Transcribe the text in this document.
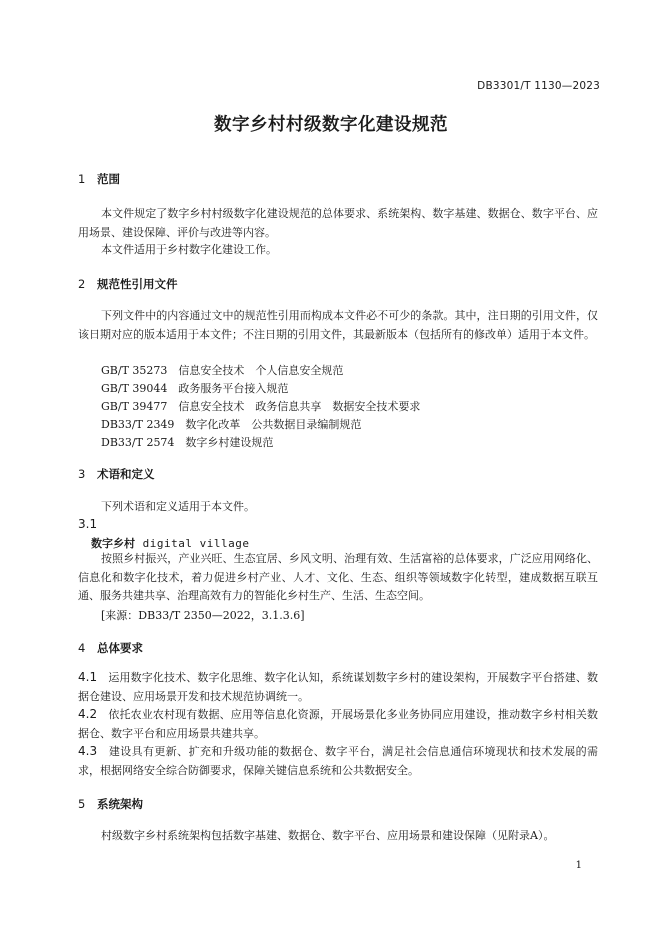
DB3301/T 1130—2023
数字乡村村级数字化建设规范
1 范围
本文件规定了数字乡村村级数字化建设规范的总体要求、系统架构、数字基建、数据仓、数字平台、应用场景、建设保障、评价与改进等内容。
本文件适用于乡村数字化建设工作。
2 规范性引用文件
下列文件中的内容通过文中的规范性引用而构成本文件必不可少的条款。其中，注日期的引用文件，仅该日期对应的版本适用于本文件；不注日期的引用文件，其最新版本（包括所有的修改单）适用于本文件。
GB/T 35273　信息安全技术　个人信息安全规范
GB/T 39044　政务服务平台接入规范
GB/T 39477　信息安全技术　政务信息共享　数据安全技术要求
DB33/T 2349　数字化改革　公共数据目录编制规范
DB33/T 2574　数字乡村建设规范
3 术语和定义
下列术语和定义适用于本文件。
3.1
数字乡村 digital village
按照乡村振兴，产业兴旺、生态宜居、乡风文明、治理有效、生活富裕的总体要求，广泛应用网络化、信息化和数字化技术，着力促进乡村产业、人才、文化、生态、组织等领域数字化转型，建成数据互联互通、服务共建共享、治理高效有力的智能化乡村生产、生活、生态空间。
[来源：DB33/T 2350—2022，3.1.3.6]
4 总体要求
4.1　 运用数字化技术、数字化思维、数字化认知，系统谋划数字乡村的建设架构，开展数字平台搭建、数据仓建设、应用场景开发和技术规范协调统一。
4.2　 依托农业农村现有数据、应用等信息化资源，开展场景化多业务协同应用建设，推动数字乡村相关数据仓、数字平台和应用场景共建共享。
4.3　 建设具有更新、扩充和升级功能的数据仓、数字平台，满足社会信息通信环境现状和技术发展的需求，根据网络安全综合防御要求，保障关键信息系统和公共数据安全。
5 系统架构
村级数字乡村系统架构包括数字基建、数据仓、数字平台、应用场景和建设保障（见附录A）。
1
